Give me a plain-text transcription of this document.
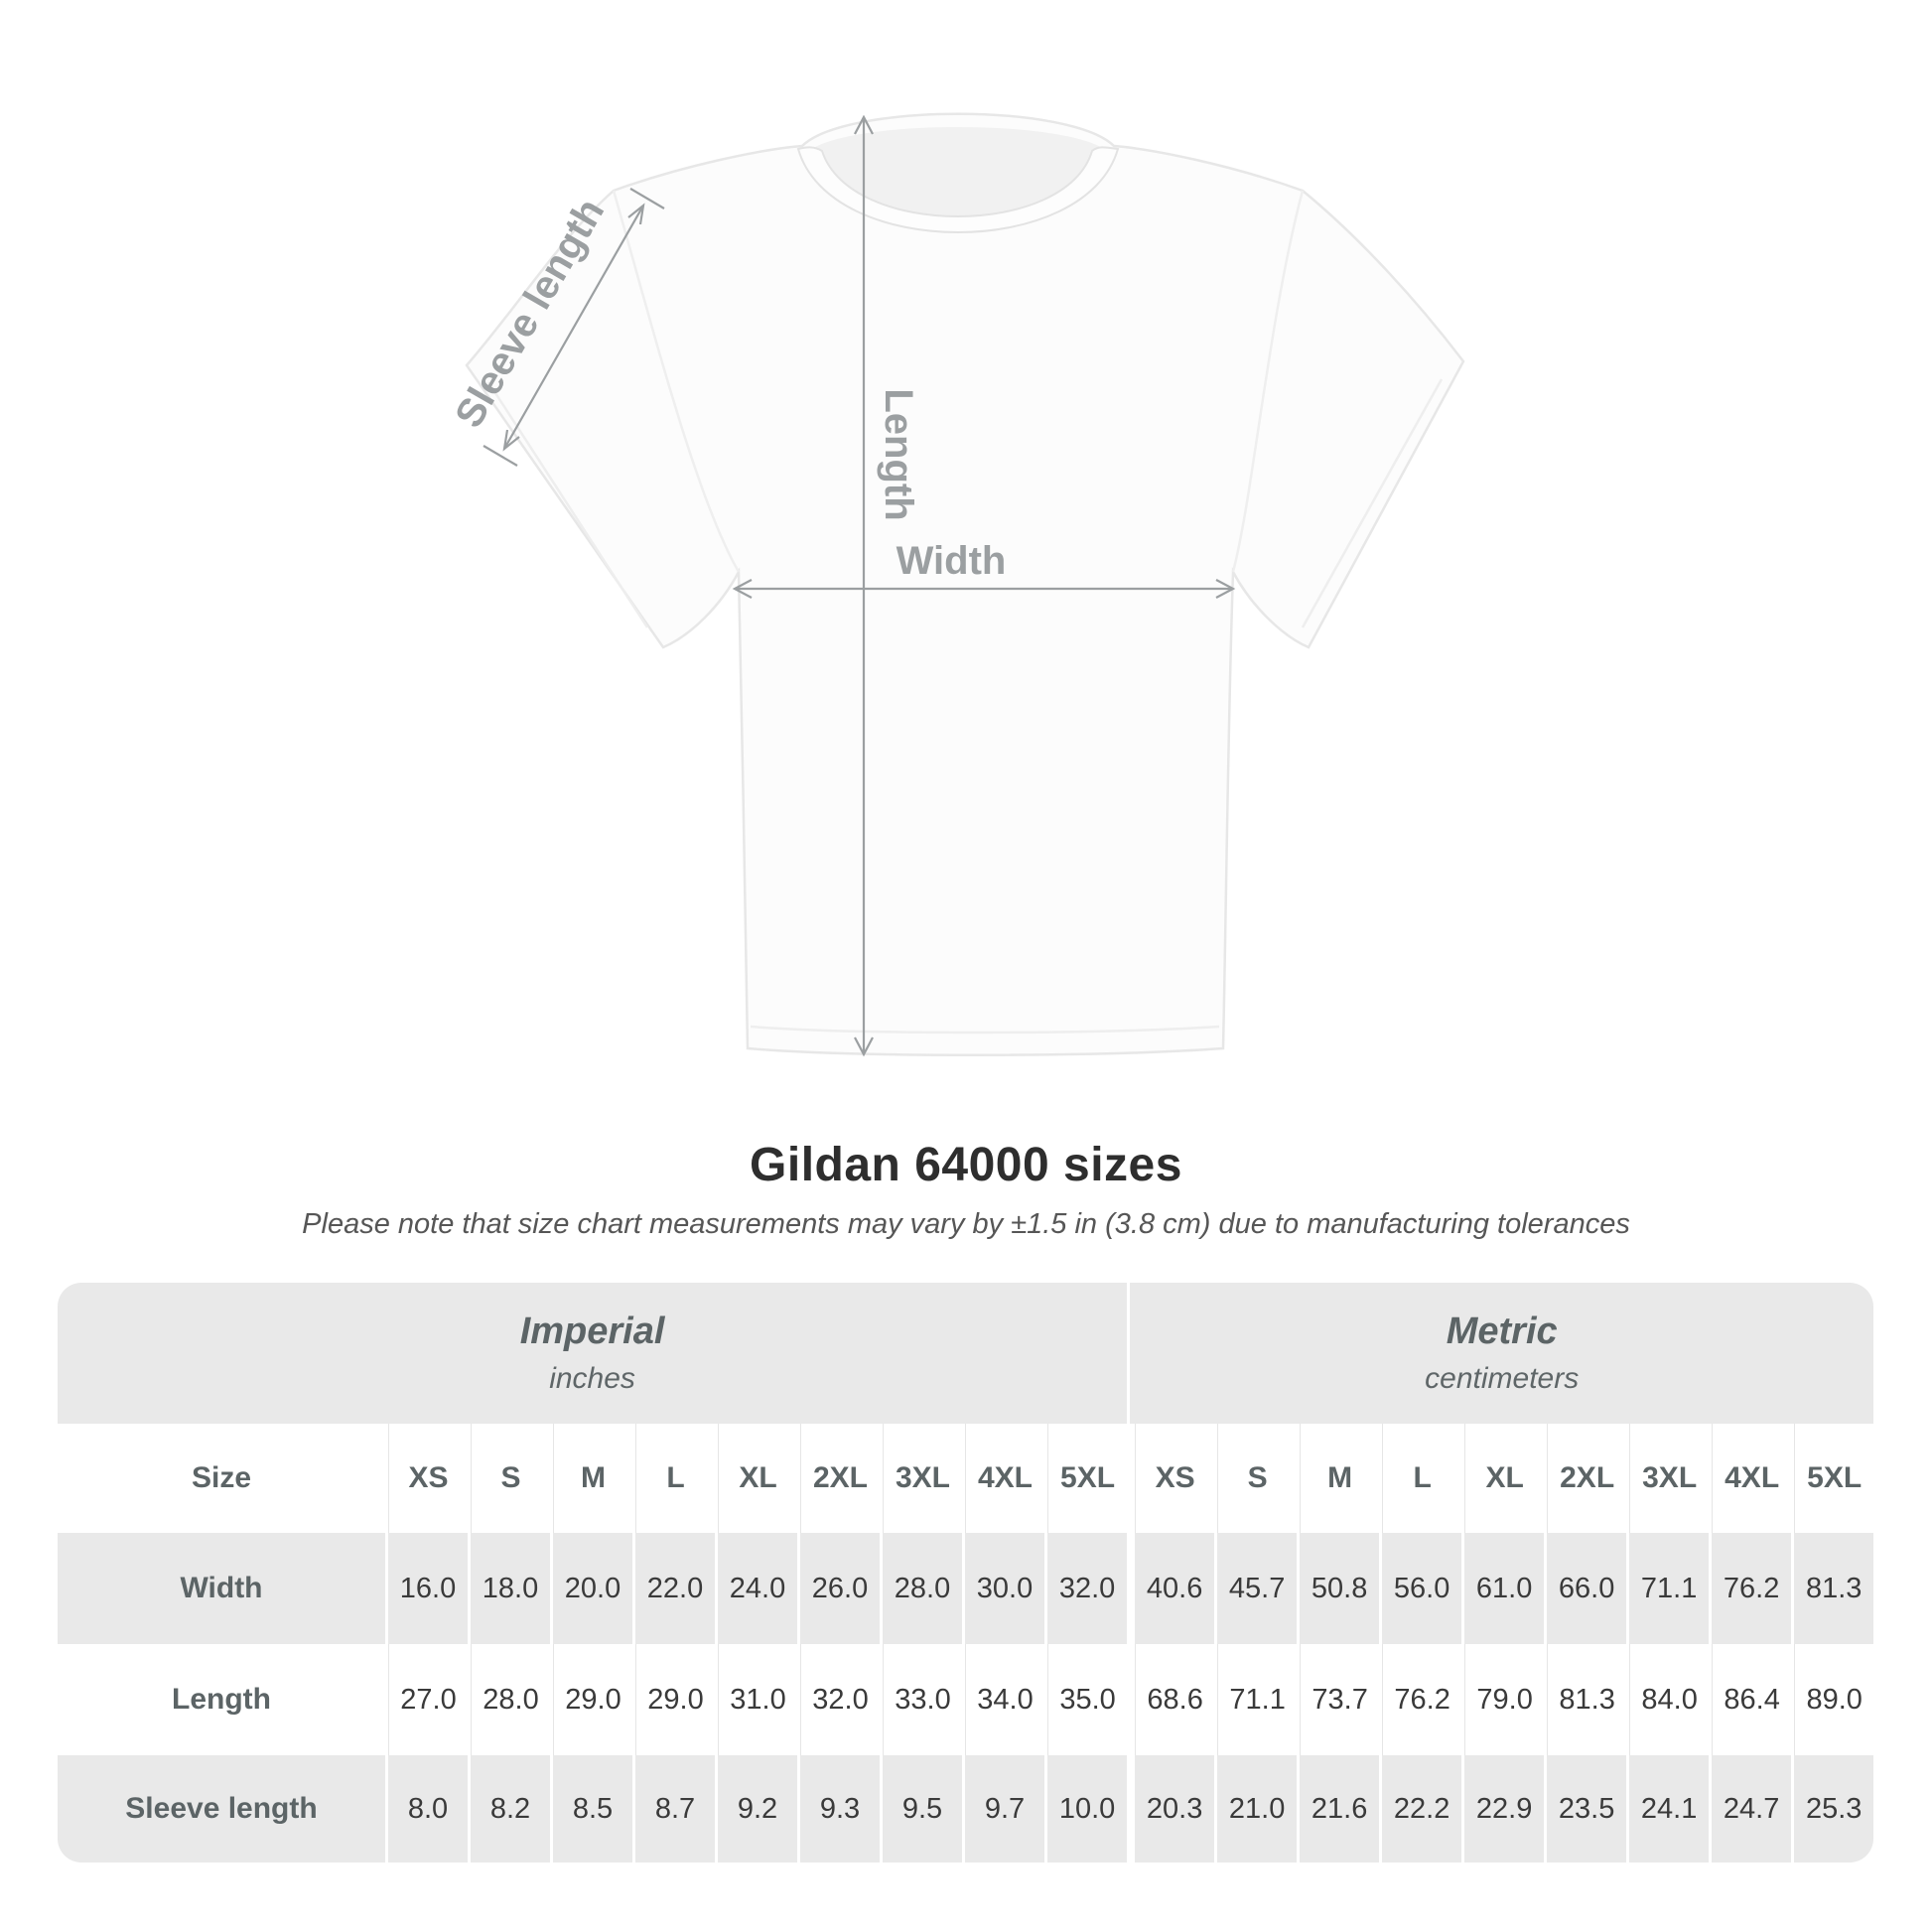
Width
Length
Sleeve length
Gildan 64000 sizes
Please note that size chart measurements may vary by ±1.5 in (3.8 cm) due to manufacturing tolerances
Imperial
inches

Metric
centimeters

Size	XS	S	M	L	XL	2XL	3XL	4XL	5XL		XS	S	M	L	XL	2XL	3XL	4XL	5XL
Width	16.0	18.0	20.0	22.0	24.0	26.0	28.0	30.0	32.0		40.6	45.7	50.8	56.0	61.0	66.0	71.1	76.2	81.3
Length	27.0	28.0	29.0	29.0	31.0	32.0	33.0	34.0	35.0		68.6	71.1	73.7	76.2	79.0	81.3	84.0	86.4	89.0
Sleeve length	8.0	8.2	8.5	8.7	9.2	9.3	9.5	9.7	10.0		20.3	21.0	21.6	22.2	22.9	23.5	24.1	24.7	25.3
